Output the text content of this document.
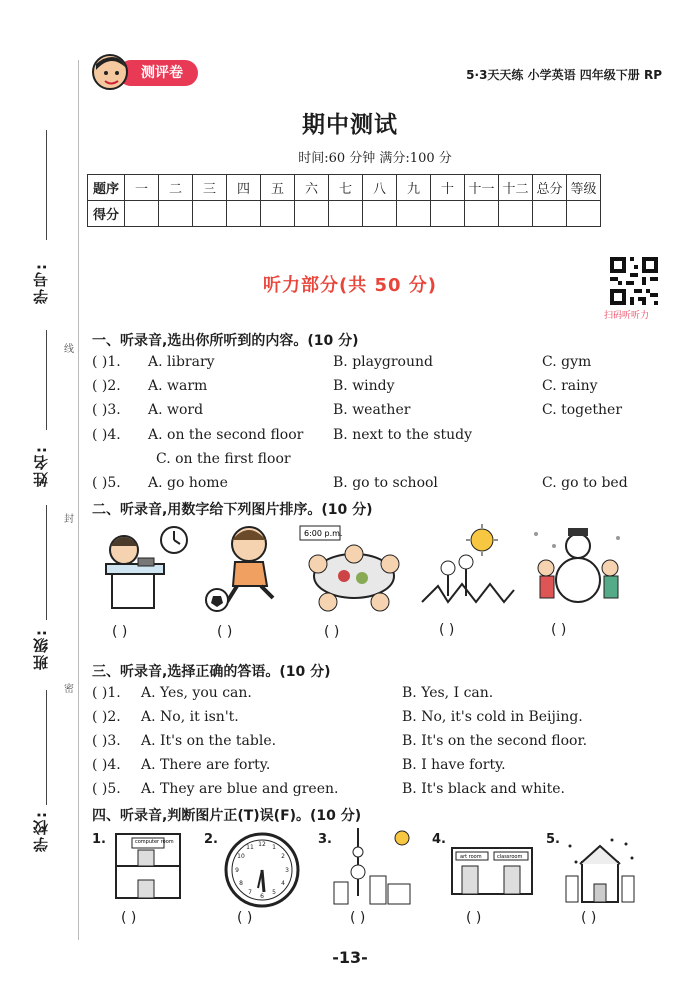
学号:
线
姓名:
封
班级:
密
学校:
测评卷	5·3天天练 小学英语 四年级下册 RP
期中测试
时间:60 分钟 满分:100 分
题序	一	二	三	四	五	六	七	八	九	十	十一	十二	总分	等级
得分														
扫码听听力
听力部分(共 50 分)
一、听录音,选出你所听到的内容。(10 分)
( )1. A. library	B. playground	C. gym
( )2. A. warm	B. windy	C. rainy
( )3. A. word	B. weather	C. together
( )4. A. on the second floor B. next to the study
C. on the first floor
( )5. A. go home	B. go to school	C. go to bed
二、听录音,用数字给下列图片排序。(10 分)
6:00 p.m.
( )	( )	( )	( )	( )
三、听录音,选择正确的答语。(10 分)
( )1. A. Yes, you can.	B. Yes, I can.
( )2. A. No, it isn't.	B. No, it's cold in Beijing.
( )3. A. It's on the table.	B. It's on the second floor.
( )4. A. There are forty.	B. I have forty.
( )5. A. They are blue and green.	B. It's black and white.
四、听录音,判断图片正(T)误(F)。(10 分)
1.	computer room
( )
2.	12 1
2
3
4
5
6
7
8
9
10
11
( )
3.
( )
4.
art room	classroom
( )
5.
( )
-13-
